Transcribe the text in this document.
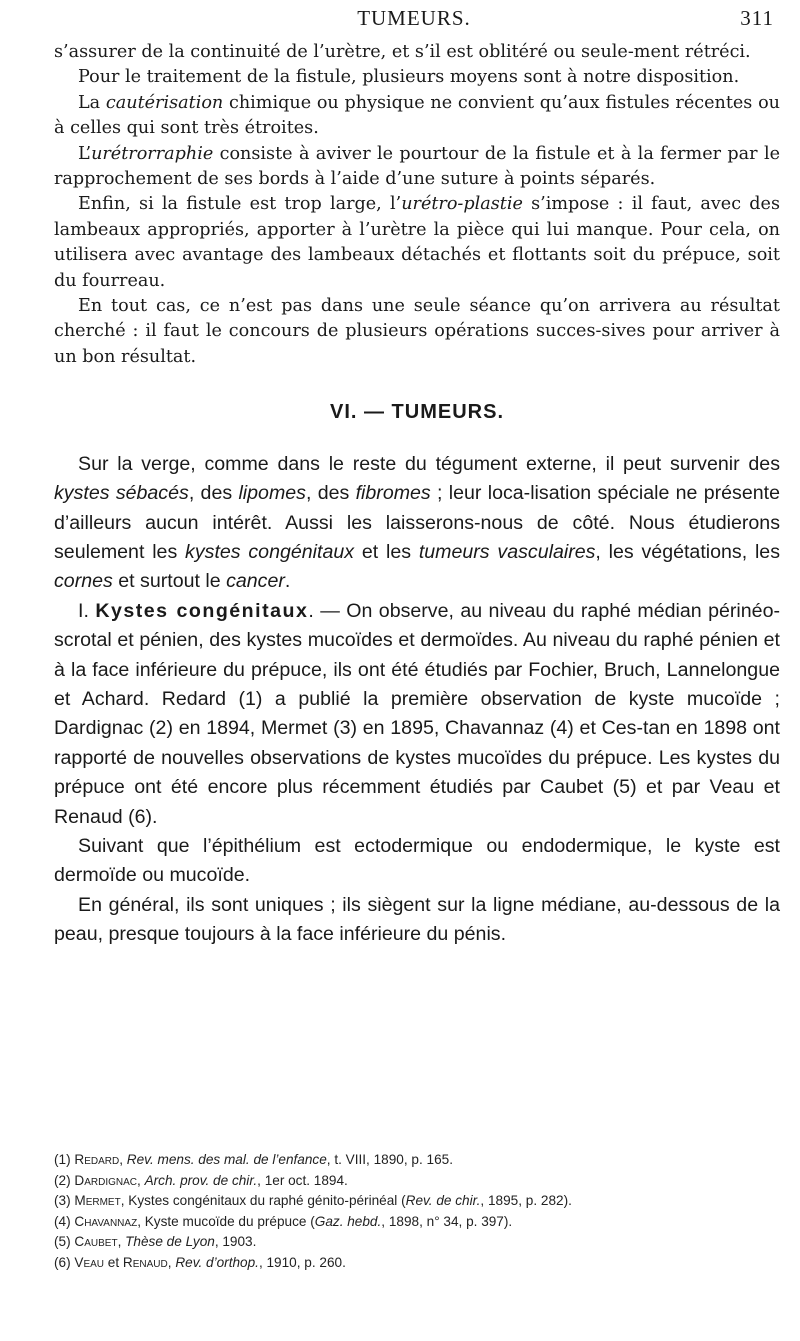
TUMEURS.	311

s’assurer de la continuité de l’urètre, et s’il est oblitéré ou seule-ment rétréci.

Pour le traitement de la fistule, plusieurs moyens sont à notre disposition.

La cautérisation chimique ou physique ne convient qu’aux fistules récentes ou à celles qui sont très étroites.

L’urétrorraphie consiste à aviver le pourtour de la fistule et à la fermer par le rapprochement de ses bords à l’aide d’une suture à points séparés.

Enfin, si la fistule est trop large, l’urétro-plastie s’impose : il faut, avec des lambeaux appropriés, apporter à l’urètre la pièce qui lui manque. Pour cela, on utilisera avec avantage des lambeaux détachés et flottants soit du prépuce, soit du fourreau.

En tout cas, ce n’est pas dans une seule séance qu’on arrivera au résultat cherché : il faut le concours de plusieurs opérations succes-sives pour arriver à un bon résultat.

VI. — TUMEURS.

Sur la verge, comme dans le reste du tégument externe, il peut survenir des kystes sébacés, des lipomes, des fibromes ; leur loca-lisation spéciale ne présente d’ailleurs aucun intérêt. Aussi les laisserons-nous de côté. Nous étudierons seulement les kystes congénitaux et les tumeurs vasculaires, les végétations, les cornes et surtout le cancer.

I. Kystes congénitaux. — On observe, au niveau du raphé médian périnéo-scrotal et pénien, des kystes mucoïdes et dermoïdes. Au niveau du raphé pénien et à la face inférieure du prépuce, ils ont été étudiés par Fochier, Bruch, Lannelongue et Achard. Redard (1) a publié la première observation de kyste mucoïde ; Dardignac (2) en 1894, Mermet (3) en 1895, Chavannaz (4) et Ces-tan en 1898 ont rapporté de nouvelles observations de kystes mucoïdes du prépuce. Les kystes du prépuce ont été encore plus récemment étudiés par Caubet (5) et par Veau et Renaud (6).

Suivant que l’épithélium est ectodermique ou endodermique, le kyste est dermoïde ou mucoïde.

En général, ils sont uniques ; ils siègent sur la ligne médiane, au-dessous de la peau, presque toujours à la face inférieure du pénis.

(1) Redard, Rev. mens. des mal. de l’enfance, t. VIII, 1890, p. 165.
(2) Dardignac, Arch. prov. de chir., 1er oct. 1894.
(3) Mermet, Kystes congénitaux du raphé génito-périnéal (Rev. de chir., 1895, p. 282).
(4) Chavannaz, Kyste mucoïde du prépuce (Gaz. hebd., 1898, n° 34, p. 397).
(5) Caubet, Thèse de Lyon, 1903.
(6) Veau et Renaud, Rev. d’orthop., 1910, p. 260.
